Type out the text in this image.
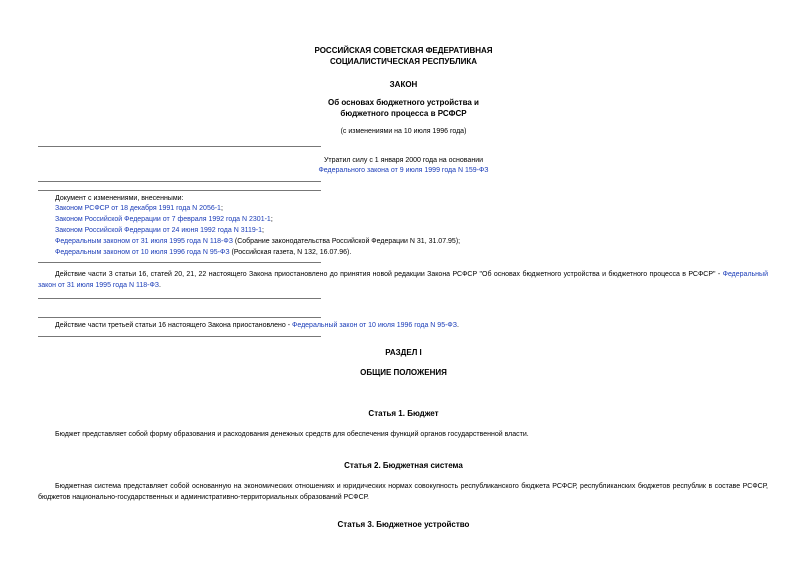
РОССИЙСКАЯ СОВЕТСКАЯ ФЕДЕРАТИВНАЯ
СОЦИАЛИСТИЧЕСКАЯ РЕСПУБЛИКА
ЗАКОН
Об основах бюджетного устройства и
бюджетного процесса в РСФСР
(с изменениями на 10 июля 1996 года)
Утратил силу с 1 января 2000 года на основании
Федерального закона от 9 июля 1999 года N 159-ФЗ
Документ с изменениями, внесенными:
Законом РСФСР от 18 декабря 1991 года N 2056-1;
Законом Российской Федерации от 7 февраля 1992 года N 2301-1;
Законом Российской Федерации от 24 июня 1992 года N 3119-1;
Федеральным законом от 31 июля 1995 года N 118-ФЗ (Собрание законодательства Российской Федерации N 31, 31.07.95);
Федеральным законом от 10 июля 1996 года N 95-ФЗ (Российская газета, N 132, 16.07.96).
Действие части 3 статьи 16, статей 20, 21, 22 настоящего Закона приостановлено до принятия новой редакции Закона РСФСР "Об основах бюджетного устройства и бюджетного процесса в РСФСР" - Федеральный закон от 31 июля 1995 года N 118-ФЗ.
Действие части третьей статьи 16 настоящего Закона приостановлено - Федеральный закон от 10 июля 1996 года N 95-ФЗ.
РАЗДЕЛ I
ОБЩИЕ ПОЛОЖЕНИЯ
Статья 1. Бюджет
Бюджет представляет собой форму образования и расходования денежных средств для обеспечения функций органов государственной власти.
Статья 2. Бюджетная система
Бюджетная система представляет собой основанную на экономических отношениях и юридических нормах совокупность республиканского бюджета РСФСР, республиканских бюджетов республик в составе РСФСР, бюджетов национально-государственных и административно-территориальных образований РСФСР.
Статья 3. Бюджетное устройство
